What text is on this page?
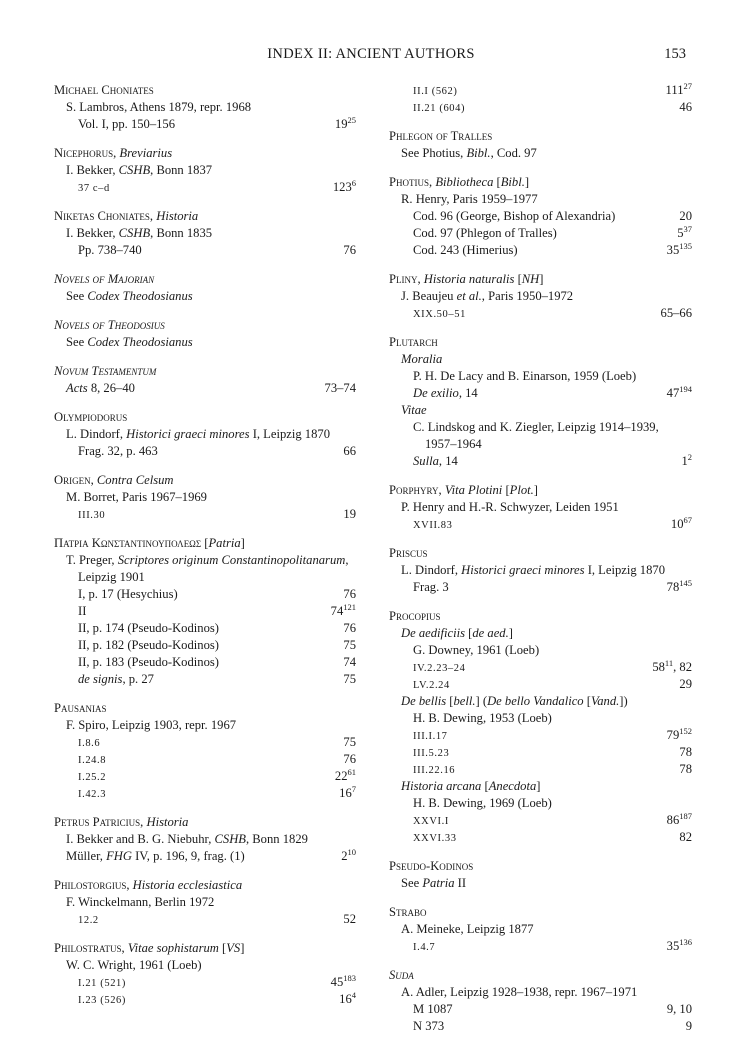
INDEX II: ANCIENT AUTHORS	153
Michael Choniates
S. Lambros, Athens 1879, repr. 1968
Vol. I, pp. 150–156	$19^{25}$
Nicephorus, Breviarius
I. Bekker, CSHB, Bonn 1837
37 c–d	$123^6$
Niketas Choniates, Historia
I. Bekker, CSHB, Bonn 1835
Pp. 738–740	76
Novels of Majorian
See Codex Theodosianus
Novels of Theodosius
See Codex Theodosianus
Novum Testamentum
Acts 8, 26–40	73–74
Olympiodorus
L. Dindorf, Historici graeci minores I, Leipzig 1870
Frag. 32, p. 463	66
Origen, Contra Celsum
M. Borret, Paris 1967–1969
III.30	19
Πατρια Κωνσταντινουπολεως [Patria]
T. Preger, Scriptores originum Constantinopolitanarum, Leipzig 1901
I, p. 17 (Hesychius)	76
II	$74^{121}$
II, p. 174 (Pseudo-Kodinos)	76
II, p. 182 (Pseudo-Kodinos)	75
II, p. 183 (Pseudo-Kodinos)	74
de signis, p. 27	75
Pausanias
F. Spiro, Leipzig 1903, repr. 1967
I.8.6	75
I.24.8	76
I.25.2	$22^{61}$
I.42.3	$16^7$
Petrus Patricius, Historia
I. Bekker and B. G. Niebuhr, CSHB, Bonn 1829
Müller, FHG IV, p. 196, 9, frag. (1)	$2^{10}$
Philostorgius, Historia ecclesiastica
F. Winckelmann, Berlin 1972
12.2	52
Philostratus, Vitae sophistarum [VS]
W. C. Wright, 1961 (Loeb)
I.21 (521)	$45^{183}$
I.23 (526)	$16^4$
II.I (562)	$111^{27}$
II.21 (604)	46
Phlegon of Tralles
See Photius, Bibl., Cod. 97
Photius, Bibliotheca [Bibl.]
R. Henry, Paris 1959–1977
Cod. 96 (George, Bishop of Alexandria)	20
Cod. 97 (Phlegon of Tralles)	$5^{37}$
Cod. 243 (Himerius)	$35^{135}$
Pliny, Historia naturalis [NH]
J. Beaujeu et al., Paris 1950–1972
XIX.50–51	65–66
Plutarch
Moralia
P. H. De Lacy and B. Einarson, 1959 (Loeb)
De exilio, 14	$47^{194}$
Vitae
C. Lindskog and K. Ziegler, Leipzig 1914–1939,
1957–1964
Sulla, 14	$1^2$
Porphyry, Vita Plotini [Plot.]
P. Henry and H.-R. Schwyzer, Leiden 1951
XVII.83	$10^{67}$
Priscus
L. Dindorf, Historici graeci minores I, Leipzig 1870
Frag. 3	$78^{145}$
Procopius
De aedificiis [de aed.]
G. Downey, 1961 (Loeb)
IV.2.23–24	$58^{11}$, 82
LV.2.24	29
De bellis [bell.] (De bello Vandalico [Vand.])
H. B. Dewing, 1953 (Loeb)
III.I.17	$79^{152}$
III.5.23	78
III.22.16	78
Historia arcana [Anecdota]
H. B. Dewing, 1969 (Loeb)
XXVI.I	$86^{187}$
XXVI.33	82
Pseudo-Kodinos
See Patria II
Strabo
A. Meineke, Leipzig 1877
I.4.7	$35^{136}$
Suda
A. Adler, Leipzig 1928–1938, repr. 1967–1971
M 1087	9, 10
N 373	9
